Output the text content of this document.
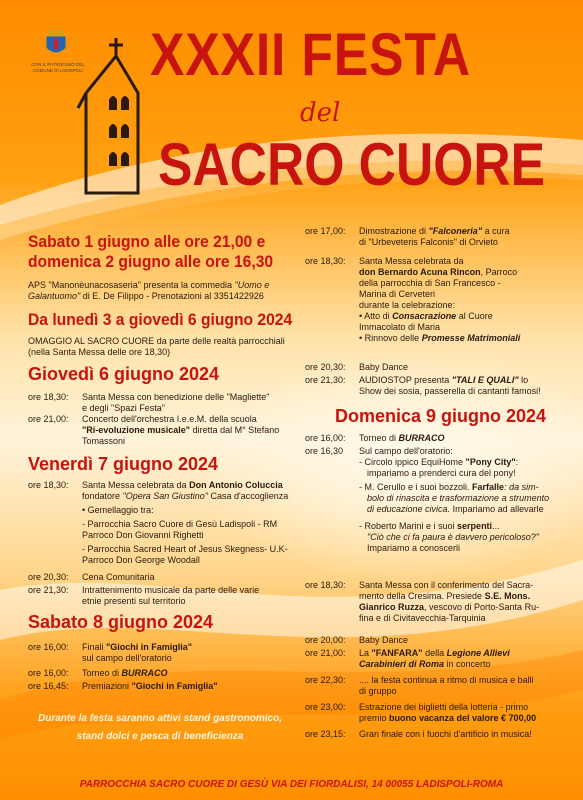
CON IL PATROCINIO DEL
COMUNE DI LADISPOLI XXXII FESTA
del
SACRO CUORE
Sabato 1 giugno alle ore 21,00 e
domenica 2 giugno alle ore 16,30
APS "Manonèunacosaseria" presenta la commedia "Uomo e
Galantuomo" di E. De Filippo - Prenotazioni al 3351422926
Da lunedì 3 a giovedì 6 giugno 2024
OMAGGIO AL SACRO CUORE da parte delle realtà parrocchiali
(nella Santa Messa delle ore 18,30)
Giovedì 6 giugno 2024
ore 18,30: Santa Messa con benedizione delle "Magliette"
e degli "Spazi Festa"
ore 21,00: Concerto dell'orchestra I.e.e.M. della scuola
"Ri-evoluzione musicale" diretta dal M° Stefano
Tomassoni
Venerdì 7 giugno 2024
ore 18,30: Santa Messa celebrata da Don Antonio Coluccia
fondatore "Opera San Giustino" Casa d'accoglienza
• Gemellaggio tra:
- Parrocchia Sacro Cuore di Gesù Ladispoli - RM
Parroco Don Giovanni Righetti
- Parrocchia Sacred Heart of Jesus Skegness- U.K-
Parroco Don George Woodall
ore 20,30: Cena Comunitaria
ore 21,30: Intrattenimento musicale da parte delle varie
etnie presenti sul territorio
Sabato 8 giugno 2024
ore 16,00: Finali "Giochi in Famiglia"
sul campo dell'oratorio
ore 16,00: Torneo di BURRACO
ore 16,45: Premiazioni "Giochi in Famiglia"
Durante la festa saranno attivi stand gastronomico,
stand dolci e pesca di beneficienza
ore 17,00: Dimostrazione di "Falconeria" a cura
di "Urbeveteris Falconis" di Orvieto
ore 18,30: Santa Messa celebrata da
don Bernardo Acuna Rincon, Parroco
della parrocchia di San Francesco -
Marina di Cerveteri
durante la celebrazione:
• Atto di Consacrazione al Cuore
Immacolato di Maria
• Rinnovo delle Promesse Matrimoniali
ore 20,30: Baby Dance
ore 21,30: AUDIOSTOP presenta "TALI E QUALI" lo
Show dei sosia, passerella di cantanti famosi!
Domenica 9 giugno 2024
ore 16,00: Torneo di BURRACO
ore 16,30 Sul campo dell'oratorio:
- Circolo ippico EquiHome "Pony City":
impariamo a prenderci cura del pony!
- M. Cerullo e i suoi bozzoli. Farfalle: da sim-
bolo di rinascita e trasformazione a strumento
di educazione civica. Impariamo ad allevarle
- Roberto Marini e i suoi serpenti...
"Ciò che ci fa paura è davvero pericoloso?"
Impariamo a conoscerli
ore 18,30: Santa Messa con il conferimento del Sacra-
mento della Cresima. Presiede S.E. Mons.
Gianrico Ruzza, vescovo di Porto-Santa Ru-
fina e di Civitavecchia-Tarquinia
ore 20,00: Baby Dance
ore 21,00: La "FANFARA" della Legione Allievi
Carabinieri di Roma in concerto
ore 22,30: .... la festa continua a ritmo di musica e balli
di gruppo
ore 23,00: Estrazione dei biglietti della lotteria - primo
premio buono vacanza del valore € 700,00
ore 23,15: Gran finale con i fuochi d'artificio in musica!
PARROCCHIA SACRO CUORE DI GESÙ VIA DEI FIORDALISI, 14 00055 LADISPOLI-ROMA
